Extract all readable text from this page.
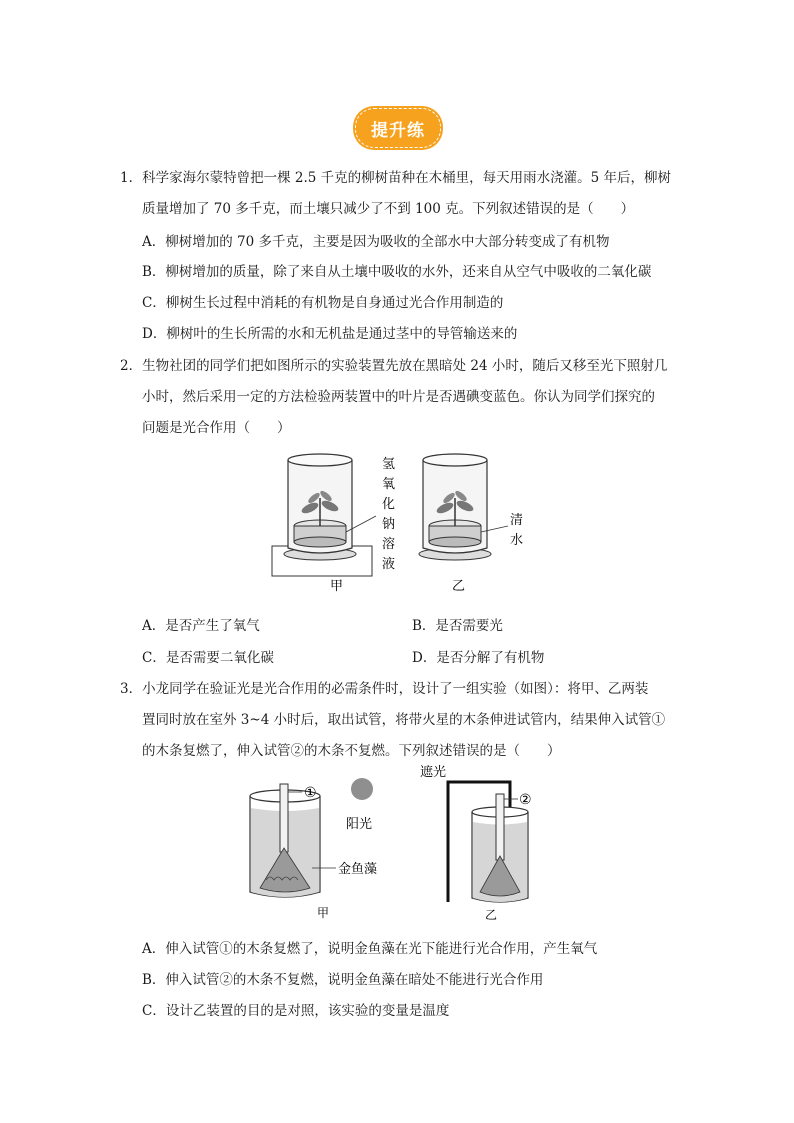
提升练
1．科学家海尔蒙特曾把一棵 2.5 千克的柳树苗种在木桶里，每天用雨水浇灌。5 年后，柳树
质量增加了 70 多千克，而土壤只减少了不到 100 克。下列叙述错误的是（　　）
A．柳树增加的 70 多千克，主要是因为吸收的全部水中大部分转变成了有机物
B．柳树增加的质量，除了来自从土壤中吸收的水外，还来自从空气中吸收的二氧化碳
C．柳树生长过程中消耗的有机物是自身通过光合作用制造的
D．柳树叶的生长所需的水和无机盐是通过茎中的导管输送来的
2．生物社团的同学们把如图所示的实验装置先放在黑暗处 24 小时，随后又移至光下照射几
小时，然后采用一定的方法检验两装置中的叶片是否遇碘变蓝色。你认为同学们探究的
问题是光合作用（　　）
氢
氧
化
钠
溶
液
甲
清
水
乙
A．是否产生了氧气	B．是否需要光
C．是否需要二氧化碳	D．是否分解了有机物
3．小龙同学在验证光是光合作用的必需条件时，设计了一组实验（如图）：将甲、乙两装
置同时放在室外 3~4 小时后，取出试管，将带火星的木条伸进试管内，结果伸入试管①
的木条复燃了，伸入试管②的木条不复燃。下列叙述错误的是（　　）
①
阳光
金鱼藻
甲
遮光
②
乙
A．伸入试管①的木条复燃了，说明金鱼藻在光下能进行光合作用，产生氧气
B．伸入试管②的木条不复燃，说明金鱼藻在暗处不能进行光合作用
C．设计乙装置的目的是对照，该实验的变量是温度
